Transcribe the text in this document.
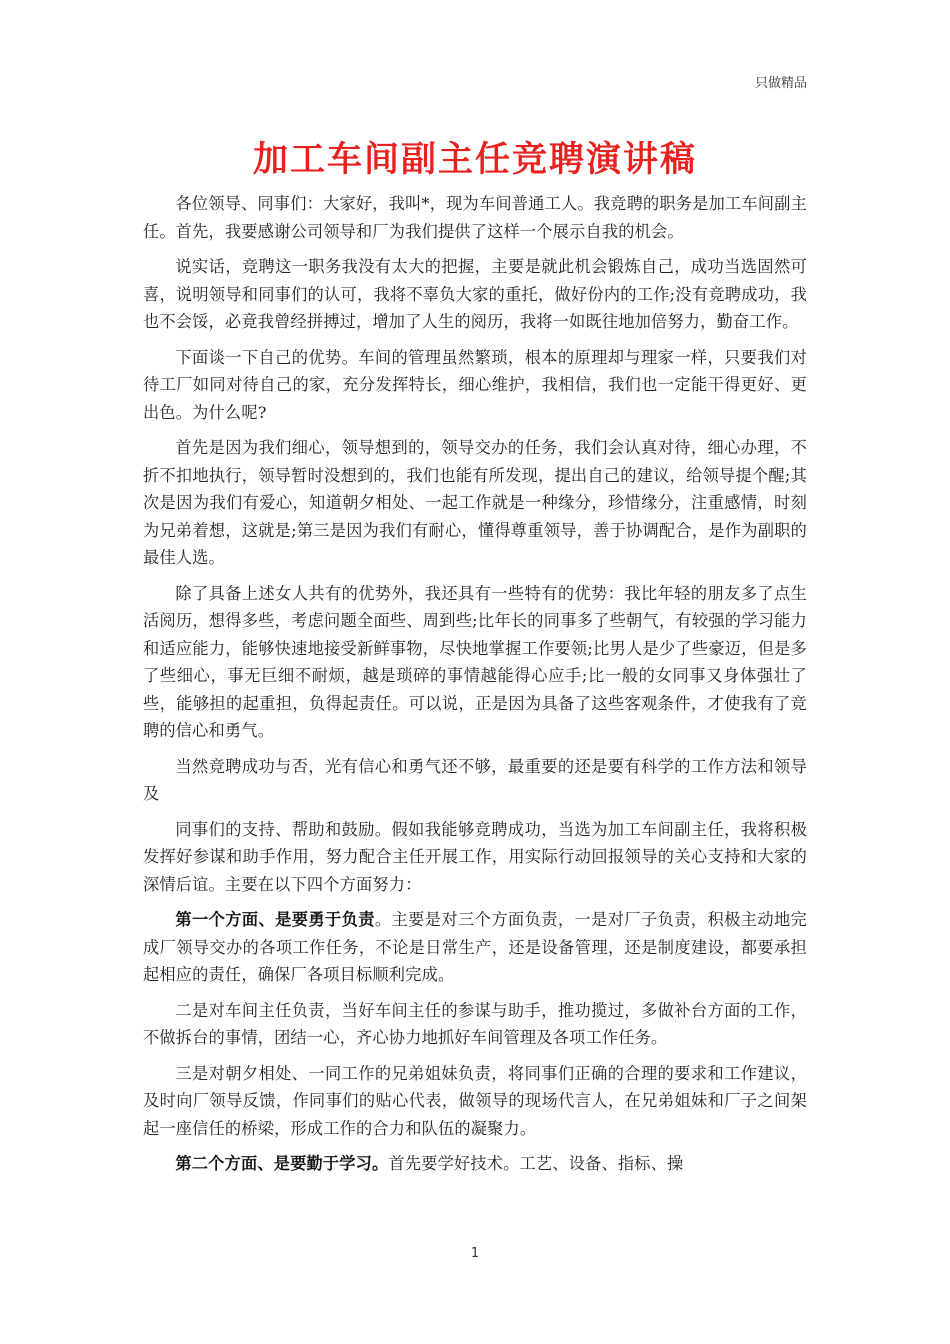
只做精品
加工车间副主任竞聘演讲稿

各位领导、同事们：大家好，我叫*，现为车间普通工人。我竞聘的职务是加工车间副主任。首先，我要感谢公司领导和厂为我们提供了这样一个展示自我的机会。

说实话，竞聘这一职务我没有太大的把握，主要是就此机会锻炼自己，成功当选固然可喜，说明领导和同事们的认可，我将不辜负大家的重托，做好份内的工作;没有竞聘成功，我也不会馁，必竟我曾经拼搏过，增加了人生的阅历，我将一如既往地加倍努力，勤奋工作。

下面谈一下自己的优势。车间的管理虽然繁琐，根本的原理却与理家一样，只要我们对待工厂如同对待自己的家，充分发挥特长，细心维护，我相信，我们也一定能干得更好、更出色。为什么呢?

首先是因为我们细心，领导想到的，领导交办的任务，我们会认真对待，细心办理，不折不扣地执行，领导暂时没想到的，我们也能有所发现，提出自己的建议，给领导提个醒;其次是因为我们有爱心，知道朝夕相处、一起工作就是一种缘分，珍惜缘分，注重感情，时刻为兄弟着想，这就是;第三是因为我们有耐心，懂得尊重领导，善于协调配合，是作为副职的最佳人选。

除了具备上述女人共有的优势外，我还具有一些特有的优势：我比年轻的朋友多了点生活阅历，想得多些，考虑问题全面些、周到些;比年长的同事多了些朝气，有较强的学习能力和适应能力，能够快速地接受新鲜事物，尽快地掌握工作要领;比男人是少了些豪迈，但是多了些细心，事无巨细不耐烦，越是琐碎的事情越能得心应手;比一般的女同事又身体强壮了些，能够担的起重担，负得起责任。可以说，正是因为具备了这些客观条件，才使我有了竞聘的信心和勇气。

当然竞聘成功与否，光有信心和勇气还不够，最重要的还是要有科学的工作方法和领导及

同事们的支持、帮助和鼓励。假如我能够竞聘成功，当选为加工车间副主任，我将积极发挥好参谋和助手作用，努力配合主任开展工作，用实际行动回报领导的关心支持和大家的深情后谊。主要在以下四个方面努力：

第一个方面、是要勇于负责。主要是对三个方面负责，一是对厂子负责，积极主动地完成厂领导交办的各项工作任务，不论是日常生产，还是设备管理，还是制度建设，都要承担起相应的责任，确保厂各项目标顺利完成。

二是对车间主任负责，当好车间主任的参谋与助手，推功揽过，多做补台方面的工作，不做拆台的事情，团结一心，齐心协力地抓好车间管理及各项工作任务。

三是对朝夕相处、一同工作的兄弟姐妹负责，将同事们正确的合理的要求和工作建议，及时向厂领导反馈，作同事们的贴心代表，做领导的现场代言人，在兄弟姐妹和厂子之间架起一座信任的桥梁，形成工作的合力和队伍的凝聚力。

第二个方面、是要勤于学习。首先要学好技术。工艺、设备、指标、操

1
